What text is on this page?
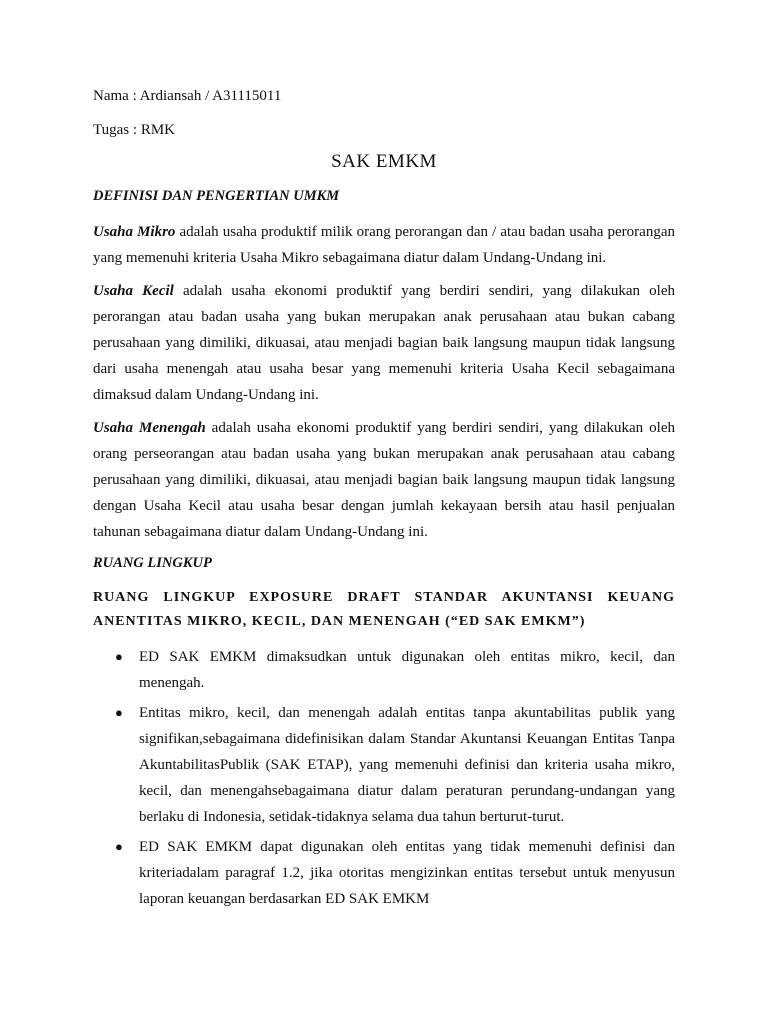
Nama : Ardiansah / A31115011
Tugas : RMK
SAK EMKM
DEFINISI DAN PENGERTIAN UMKM

Usaha Mikro adalah usaha produktif milik orang perorangan dan / atau badan usaha perorangan yang memenuhi kriteria Usaha Mikro sebagaimana diatur dalam Undang-Undang ini.

Usaha Kecil adalah usaha ekonomi produktif yang berdiri sendiri, yang dilakukan oleh perorangan atau badan usaha yang bukan merupakan anak perusahaan atau bukan cabang perusahaan yang dimiliki, dikuasai, atau menjadi bagian baik langsung maupun tidak langsung dari usaha menengah atau usaha besar yang memenuhi kriteria Usaha Kecil sebagaimana dimaksud dalam Undang-Undang ini.

Usaha Menengah adalah usaha ekonomi produktif yang berdiri sendiri, yang dilakukan oleh orang perseorangan atau badan usaha yang bukan merupakan anak perusahaan atau cabang perusahaan yang dimiliki, dikuasai, atau menjadi bagian baik langsung maupun tidak langsung dengan Usaha Kecil atau usaha besar dengan jumlah kekayaan bersih atau hasil penjualan tahunan sebagaimana diatur dalam Undang-Undang ini.

RUANG LINGKUP
RUANG LINGKUP EXPOSURE DRAFT STANDAR AKUNTANSI KEUANG
ANENTITAS MIKRO, KECIL, DAN MENENGAH (“ED SAK EMKM”)
● ED SAK EMKM dimaksudkan untuk digunakan oleh entitas mikro, kecil, dan menengah.
● Entitas mikro, kecil, dan menengah adalah entitas tanpa akuntabilitas publik yang signifikan,sebagaimana didefinisikan dalam Standar Akuntansi Keuangan Entitas Tanpa AkuntabilitasPublik (SAK ETAP), yang memenuhi definisi dan kriteria usaha mikro, kecil, dan menengahsebagaimana diatur dalam peraturan perundang-undangan yang berlaku di Indonesia, setidak-tidaknya selama dua tahun berturut-turut.
● ED SAK EMKM dapat digunakan oleh entitas yang tidak memenuhi definisi dan kriteriadalam paragraf 1.2, jika otoritas mengizinkan entitas tersebut untuk menyusun laporan keuangan berdasarkan ED SAK EMKM
